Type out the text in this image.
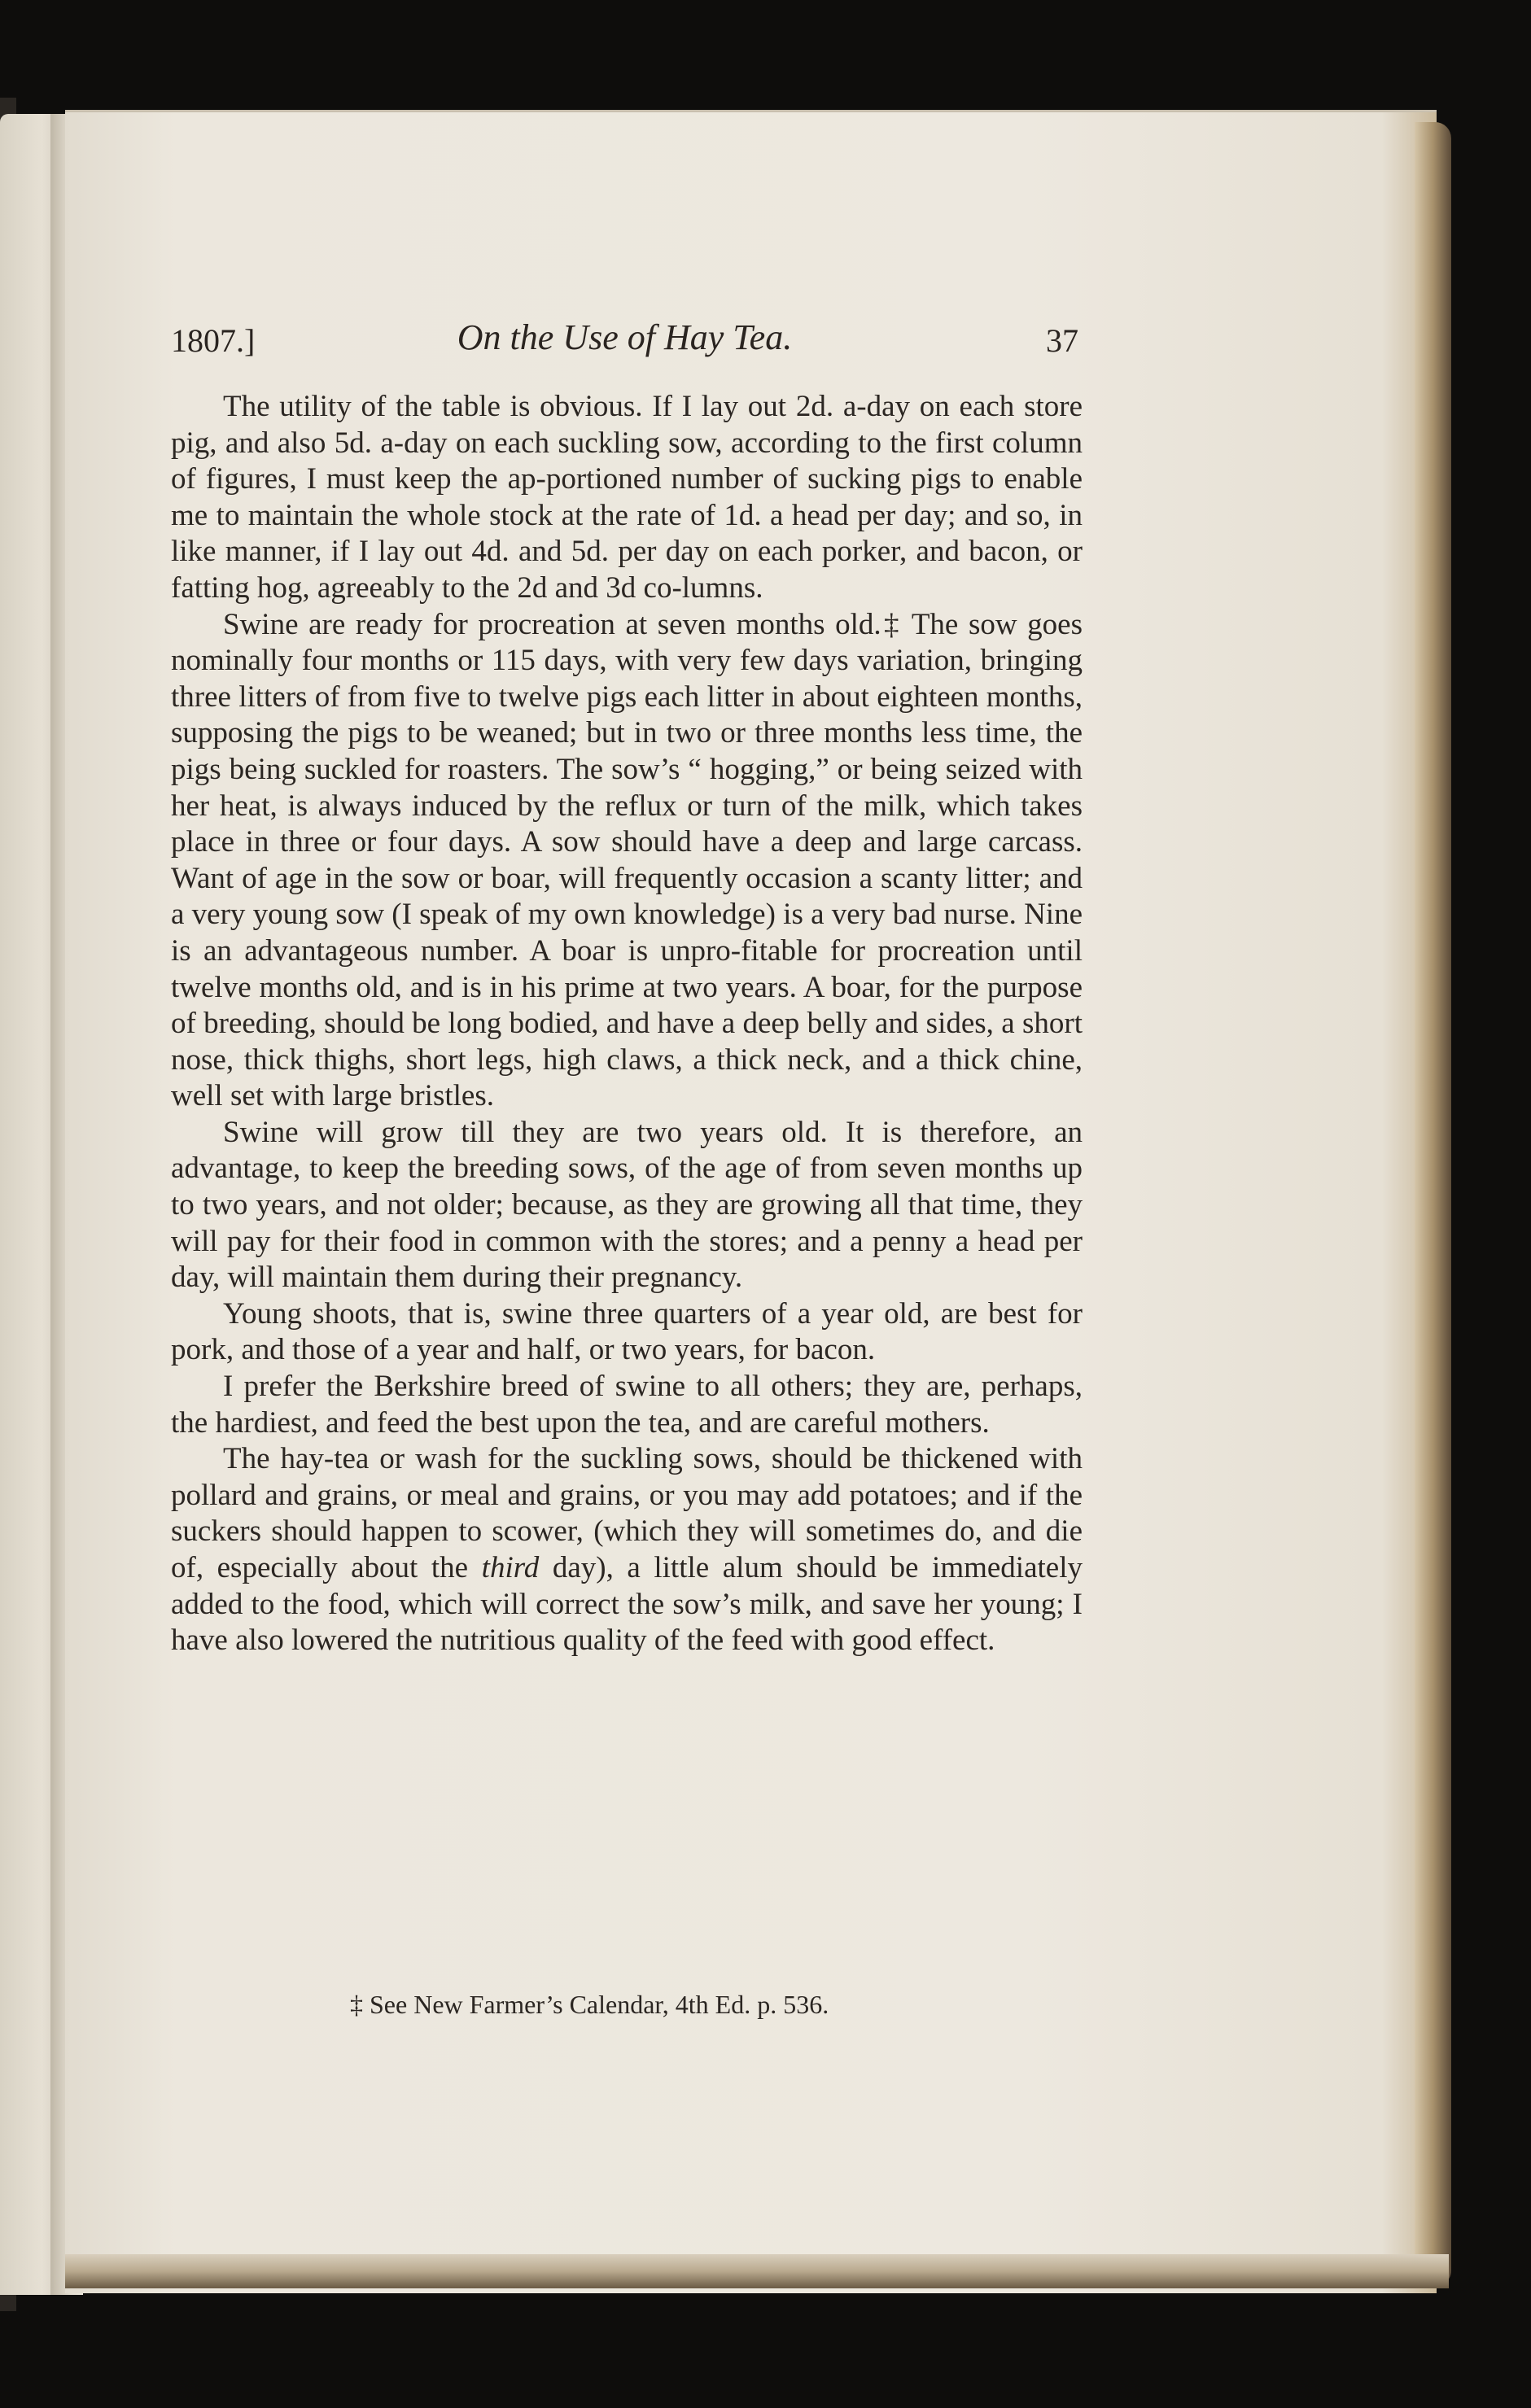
1807.]	On the Use of Hay Tea.	37

The utility of the table is obvious. If I lay out 2d. a-day on each store pig, and also 5d. a-day on each suckling sow, according to the first column of figures, I must keep the ap-portioned number of sucking pigs to enable me to maintain the whole stock at the rate of 1d. a head per day; and so, in like manner, if I lay out 4d. and 5d. per day on each porker, and bacon, or fatting hog, agreeably to the 2d and 3d co-lumns.

Swine are ready for procreation at seven months old.‡ The sow goes nominally four months or 115 days, with very few days variation, bringing three litters of from five to twelve pigs each litter in about eighteen months, supposing the pigs to be weaned; but in two or three months less time, the pigs being suckled for roasters. The sow’s “ hogging,” or being seized with her heat, is always induced by the reflux or turn of the milk, which takes place in three or four days. A sow should have a deep and large carcass. Want of age in the sow or boar, will frequently occasion a scanty litter; and a very young sow (I speak of my own knowledge) is a very bad nurse. Nine is an advantageous number. A boar is unpro-fitable for procreation until twelve months old, and is in his prime at two years. A boar, for the purpose of breeding, should be long bodied, and have a deep belly and sides, a short nose, thick thighs, short legs, high claws, a thick neck, and a thick chine, well set with large bristles.

Swine will grow till they are two years old. It is therefore, an advantage, to keep the breeding sows, of the age of from seven months up to two years, and not older; because, as they are growing all that time, they will pay for their food in common with the stores; and a penny a head per day, will maintain them during their pregnancy.

Young shoots, that is, swine three quarters of a year old, are best for pork, and those of a year and half, or two years, for bacon.

I prefer the Berkshire breed of swine to all others; they are, perhaps, the hardiest, and feed the best upon the tea, and are careful mothers.

The hay-tea or wash for the suckling sows, should be thickened with pollard and grains, or meal and grains, or you may add potatoes; and if the suckers should happen to scower, (which they will sometimes do, and die of, especially about the third day), a little alum should be immediately added to the food, which will correct the sow’s milk, and save her young; I have also lowered the nutritious quality of the feed with good effect.

‡ See New Farmer’s Calendar, 4th Ed. p. 536.
